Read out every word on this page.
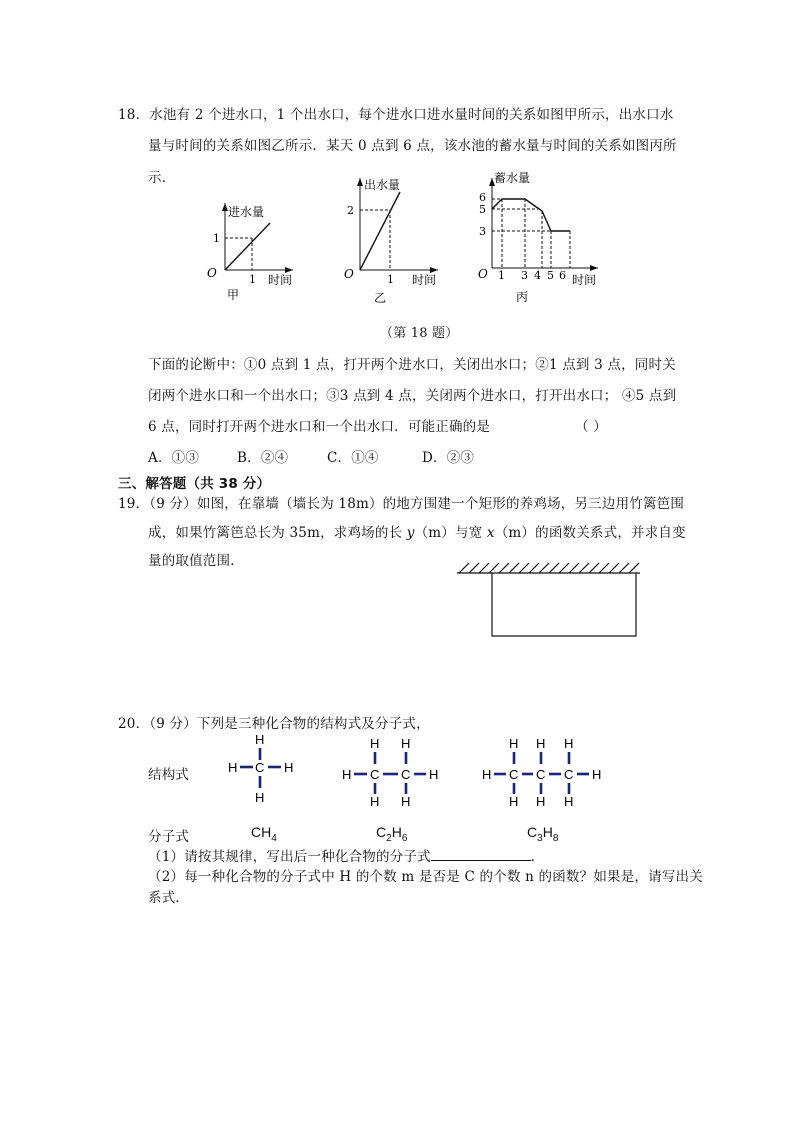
18．水池有 2 个进水口，1 个出水口，每个进水口进水量时间的关系如图甲所示，出水口水
量与时间的关系如图乙所示．某天 0 点到 6 点，该水池的蓄水量与时间的关系如图丙所
示．
进水量
1
1
O	时间
甲
出水量
2
1
O	时间
乙
蓄水量
6
5
3
O 1 3 4 5 6 时间
丙
（第 18 题）
下面的论断中：①0 点到 1 点，打开两个进水口，关闭出水口；②1 点到 3 点，同时关
闭两个进水口和一个出水口；③3 点到 4 点，关闭两个进水口，打开出水口； ④5 点到
6 点，同时打开两个进水口和一个出水口．可能正确的是	（ ）
A．①③	B．②④	C．①④	D．②③
三、解答题（共 38 分）
19．（9 分）如图，在靠墙（墙长为 18m）的地方围建一个矩形的养鸡场，另三边用竹篱笆围
成，如果竹篱笆总长为 35m，求鸡场的长 y（m）与宽 x（m）的函数关系式，并求自变
量的取值范围．
20．（9 分）下列是三种化合物的结构式及分子式，
结构式
H
H C H
H
H H
H C C H
H H
H H H
H C C C H
H H H
分子式	$CH_4$	$C_2H_6$	$C_3H_8$
（1）请按其规律，写出后一种化合物的分子式	．
（2）每一种化合物的分子式中 H 的个数 m 是否是 C 的个数 n 的函数？如果是，请写出关
系式．
